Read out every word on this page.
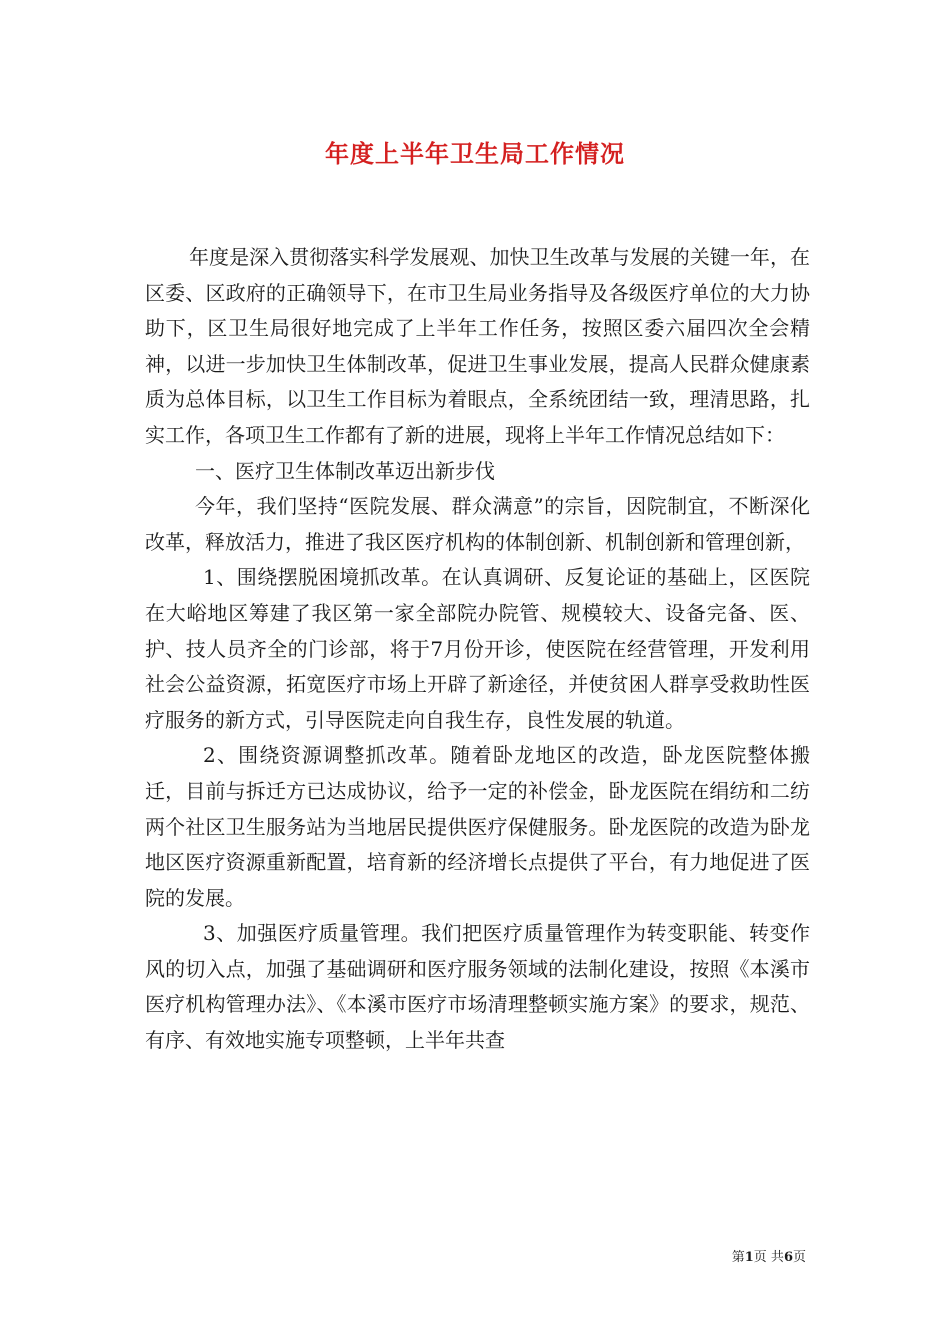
年度上半年卫生局工作情况

年度是深入贯彻落实科学发展观、加快卫生改革与发展的关键一年，在区委、区政府的正确领导下，在市卫生局业务指导及各级医疗单位的大力协助下，区卫生局很好地完成了上半年工作任务，按照区委六届四次全会精神，以进一步加快卫生体制改革，促进卫生事业发展，提高人民群众健康素质为总体目标，以卫生工作目标为着眼点，全系统团结一致，理清思路，扎实工作，各项卫生工作都有了新的进展，现将上半年工作情况总结如下：

一、医疗卫生体制改革迈出新步伐

今年，我们坚持“医院发展、群众满意”的宗旨，因院制宜，不断深化改革，释放活力，推进了我区医疗机构的体制创新、机制创新和管理创新，

1、围绕摆脱困境抓改革。在认真调研、反复论证的基础上，区医院在大峪地区筹建了我区第一家全部院办院管、规模较大、设备完备、医、护、技人员齐全的门诊部，将于7月份开诊，使医院在经营管理，开发利用社会公益资源，拓宽医疗市场上开辟了新途径，并使贫困人群享受救助性医疗服务的新方式，引导医院走向自我生存，良性发展的轨道。

2、围绕资源调整抓改革。随着卧龙地区的改造，卧龙医院整体搬迁，目前与拆迁方已达成协议，给予一定的补偿金，卧龙医院在绢纺和二纺两个社区卫生服务站为当地居民提供医疗保健服务。卧龙医院的改造为卧龙地区医疗资源重新配置，培育新的经济增长点提供了平台，有力地促进了医院的发展。

3、加强医疗质量管理。我们把医疗质量管理作为转变职能、转变作风的切入点，加强了基础调研和医疗服务领域的法制化建设，按照《本溪市医疗机构管理办法》、《本溪市医疗市场清理整顿实施方案》的要求，规范、有序、有效地实施专项整顿，上半年共查

第1页 共6页
